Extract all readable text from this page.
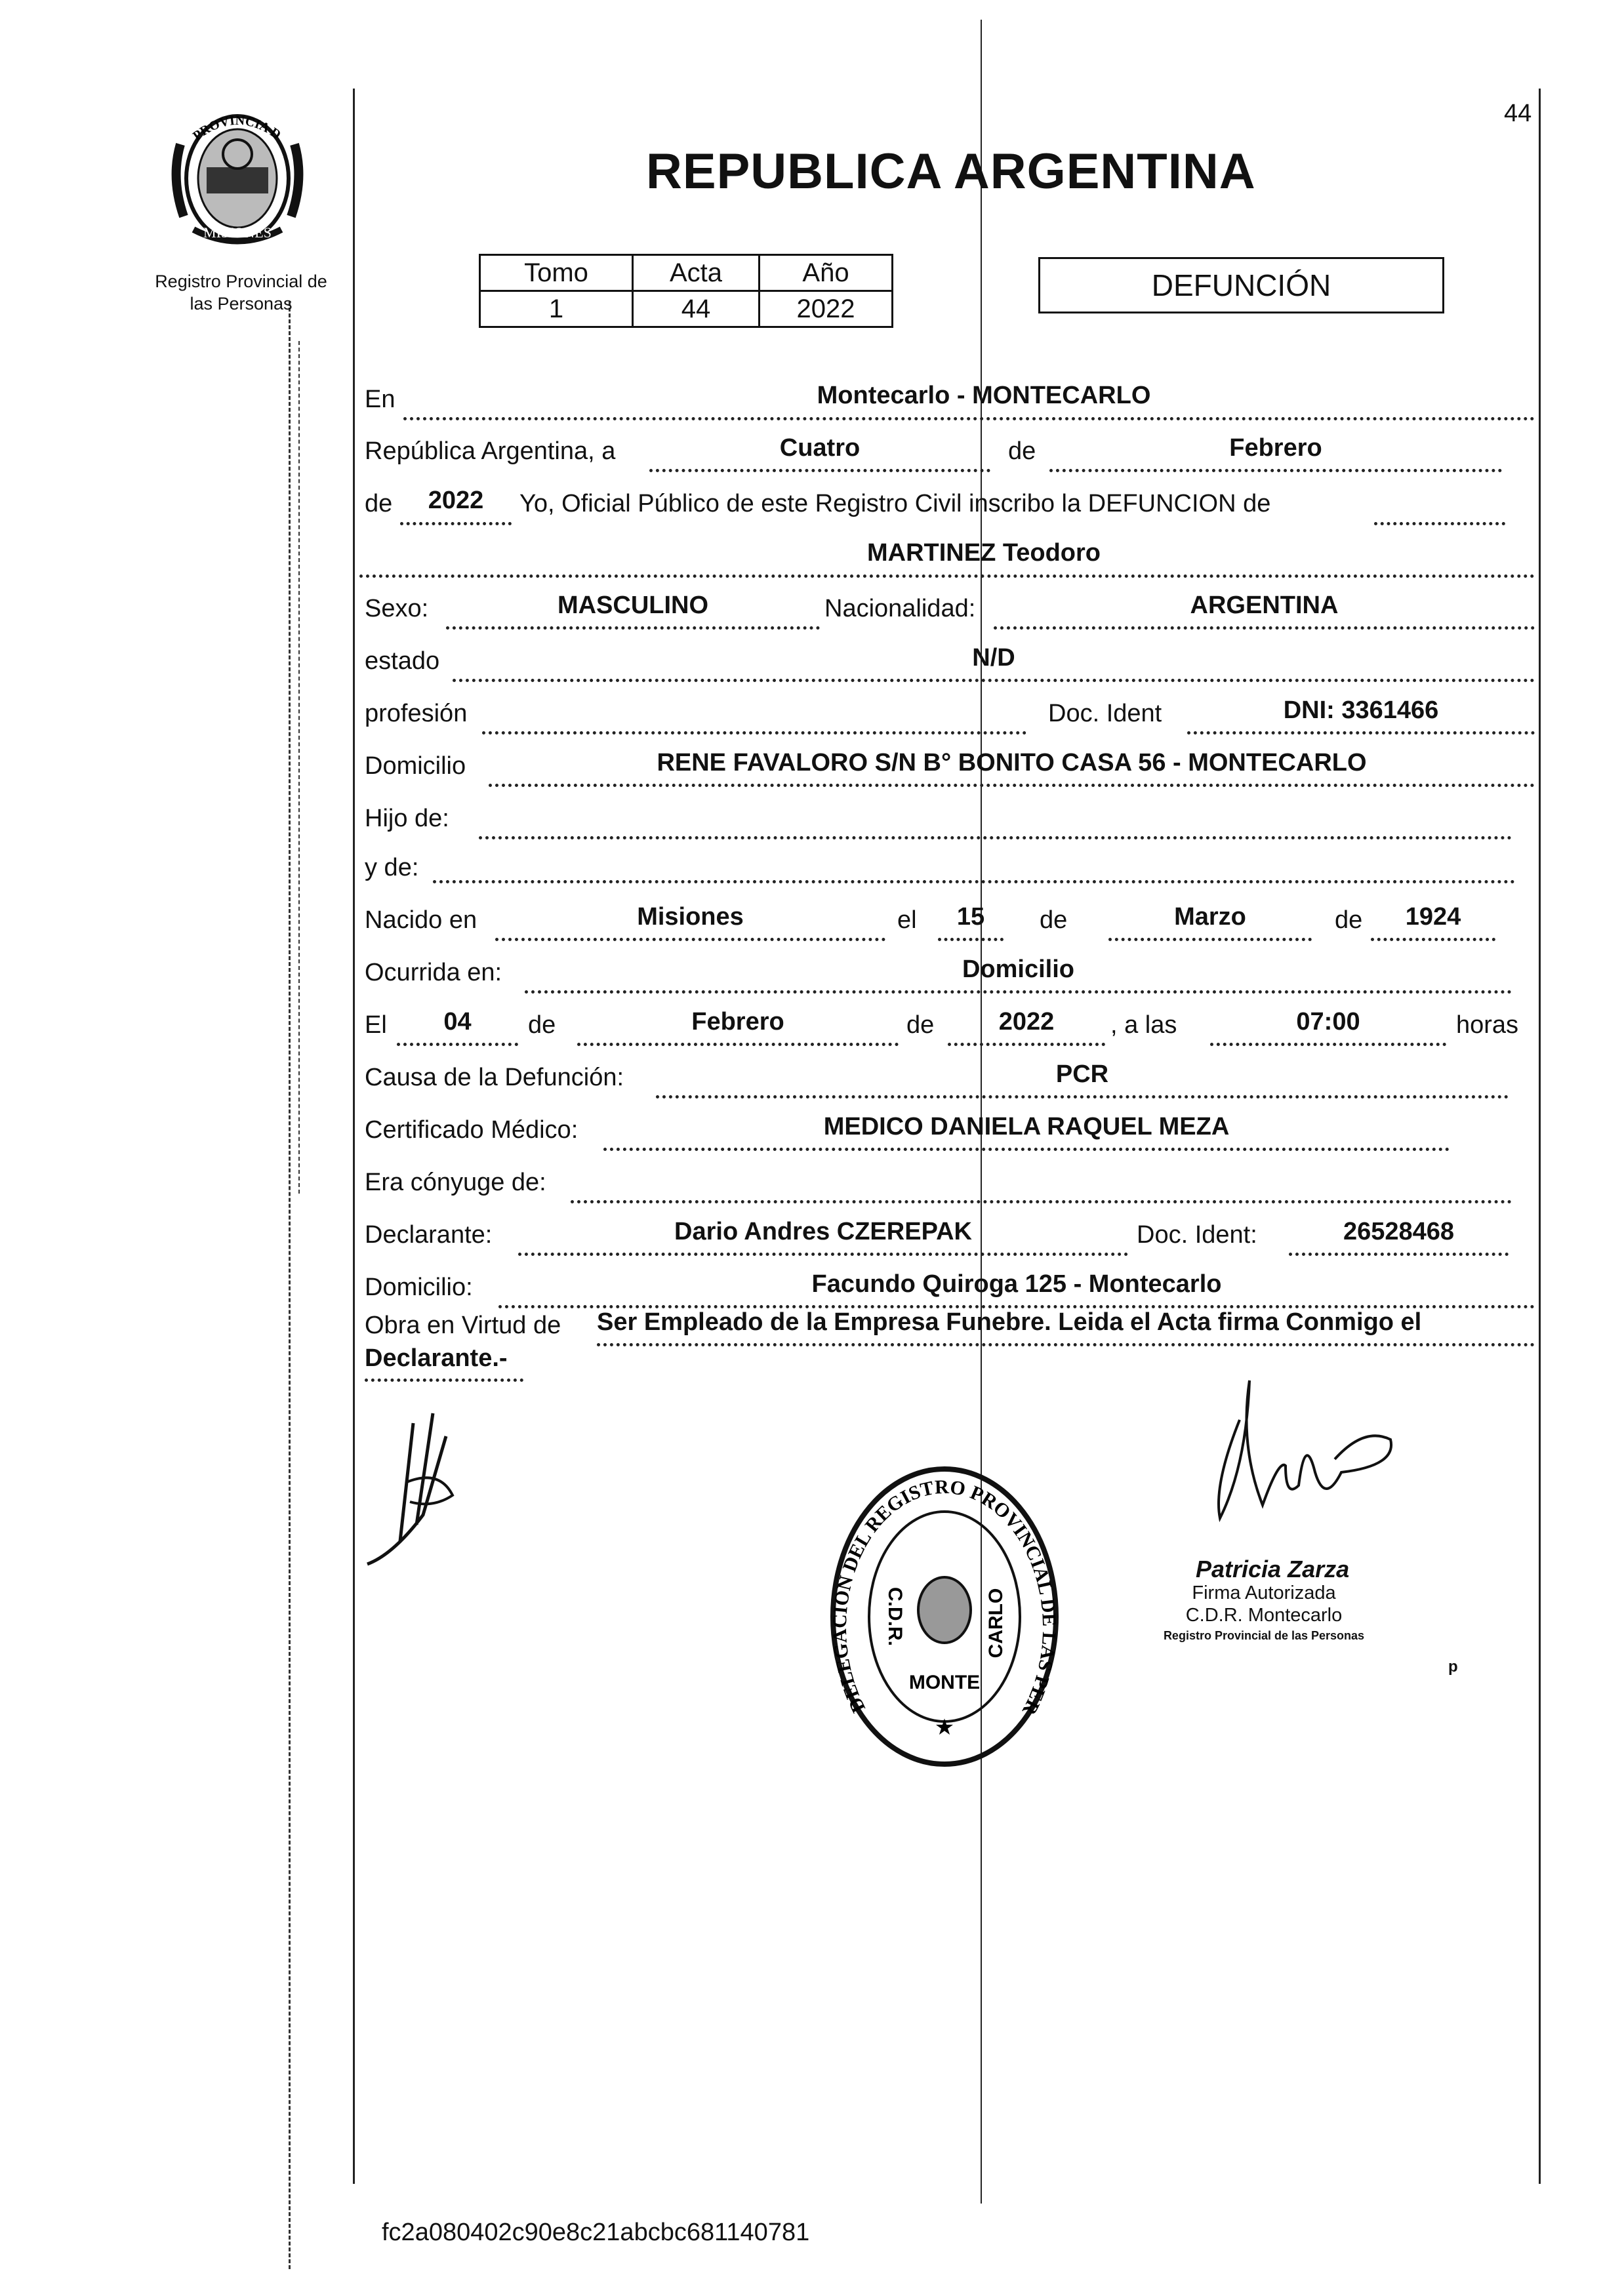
PROVINCIA D
MISIONES
Registro Provincial de
las Personas
REPUBLICA ARGENTINA
44
Tomo	Acta	Año
1	44	2022
DEFUNCIÓN
En	Montecarlo - MONTECARLO
República Argentina, a	Cuatro	de	Febrero
de	2022	Yo, Oficial Público de este Registro Civil inscribo la DEFUNCION de
MARTINEZ Teodoro
Sexo:	MASCULINO	Nacionalidad:	ARGENTINA
estado	N/D
profesión	Doc. Ident	DNI: 3361466
Domicilio	RENE FAVALORO S/N B° BONITO CASA 56 - MONTECARLO
Hijo de:
y de:
Nacido en	Misiones	el	15	de	Marzo	de	1924
Ocurrida en:	Domicilio
El	04	de	Febrero	de	2022	, a las	07:00	horas
Causa de la Defunción:	PCR
Certificado Médico:	MEDICO DANIELA RAQUEL MEZA
Era cónyuge de:
Declarante:	Dario Andres CZEREPAK	Doc. Ident:	26528468
Domicilio:	Facundo Quiroga 125 - Montecarlo
Obra en Virtud de Ser Empleado de la Empresa Funebre. Leida el Acta firma Conmigo el
Declarante.-
DELEGACION DEL REGISTRO PROVINCIAL DE LAS PER
C.D.R.	CARLO
MONTE
★
Patricia Zarza
Firma Autorizada
C.D.R. Montecarlo
Registro Provincial de las Personas
p
fc2a080402c90e8c21abcbc681140781
